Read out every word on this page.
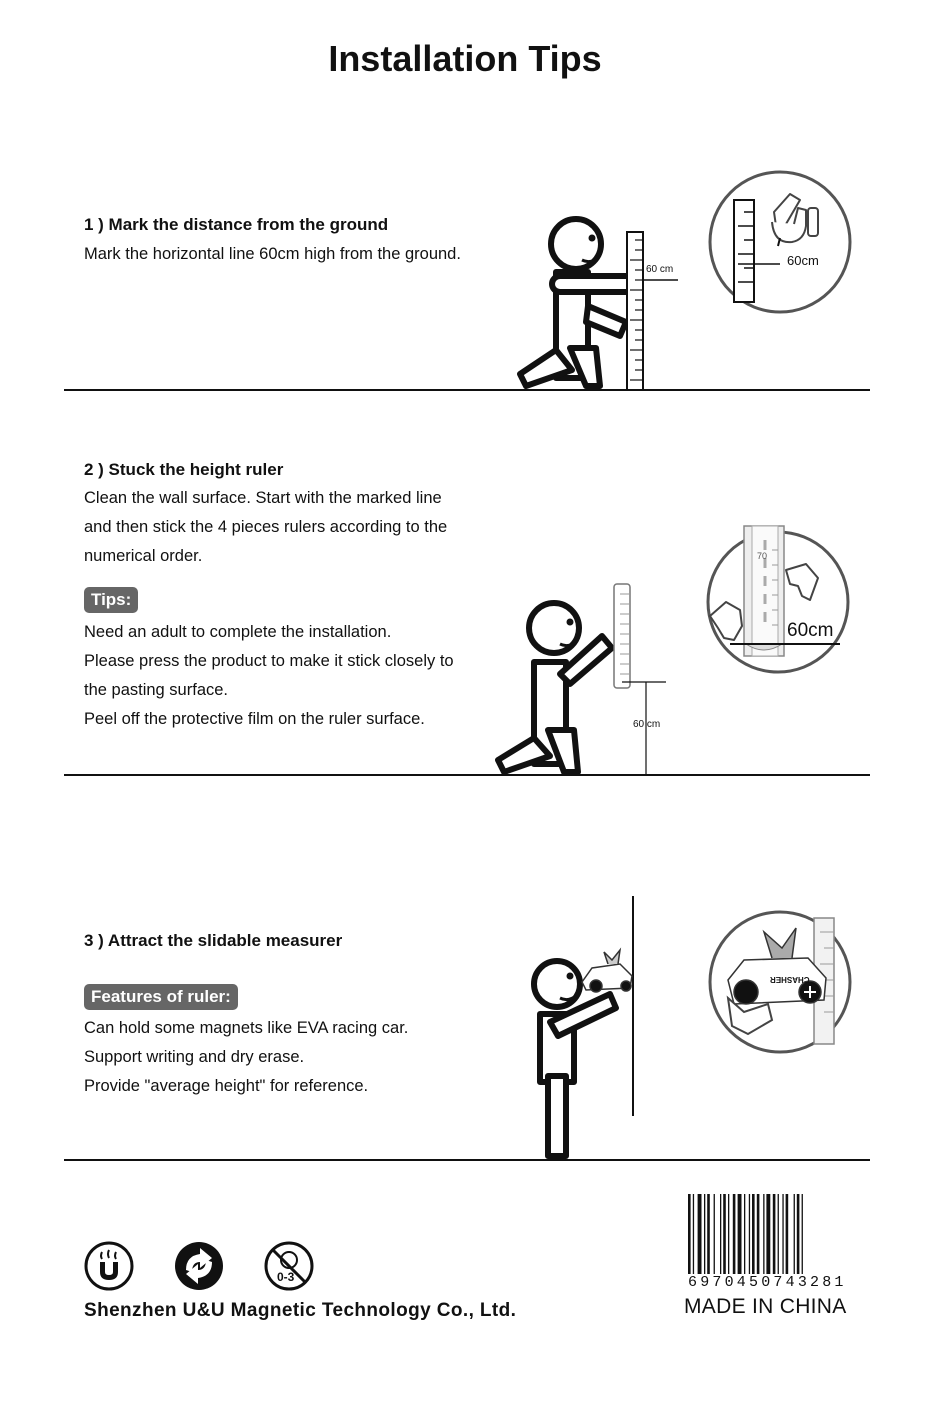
Installation Tips
1 ) Mark the distance from the ground
Mark the horizontal line 60cm high from the ground.
60 cm
60cm
2 ) Stuck the height ruler
Clean the wall surface. Start with the marked line
and then stick the 4 pieces rulers according to the
numerical order.
Tips:
Need an adult to complete the installation.
Please press the product to make it stick closely to
the pasting surface.
Peel off the protective film on the ruler surface.	60 cm
70
60cm
3 ) Attract the slidable measurer
Features of ruler:
Can hold some magnets like EVA racing car.
Support writing and dry erase.
Provide "average height" for reference.
CHASHER
0-3
Shenzhen U&U Magnetic Technology Co., Ltd.
6970450743281
MADE IN CHINA
